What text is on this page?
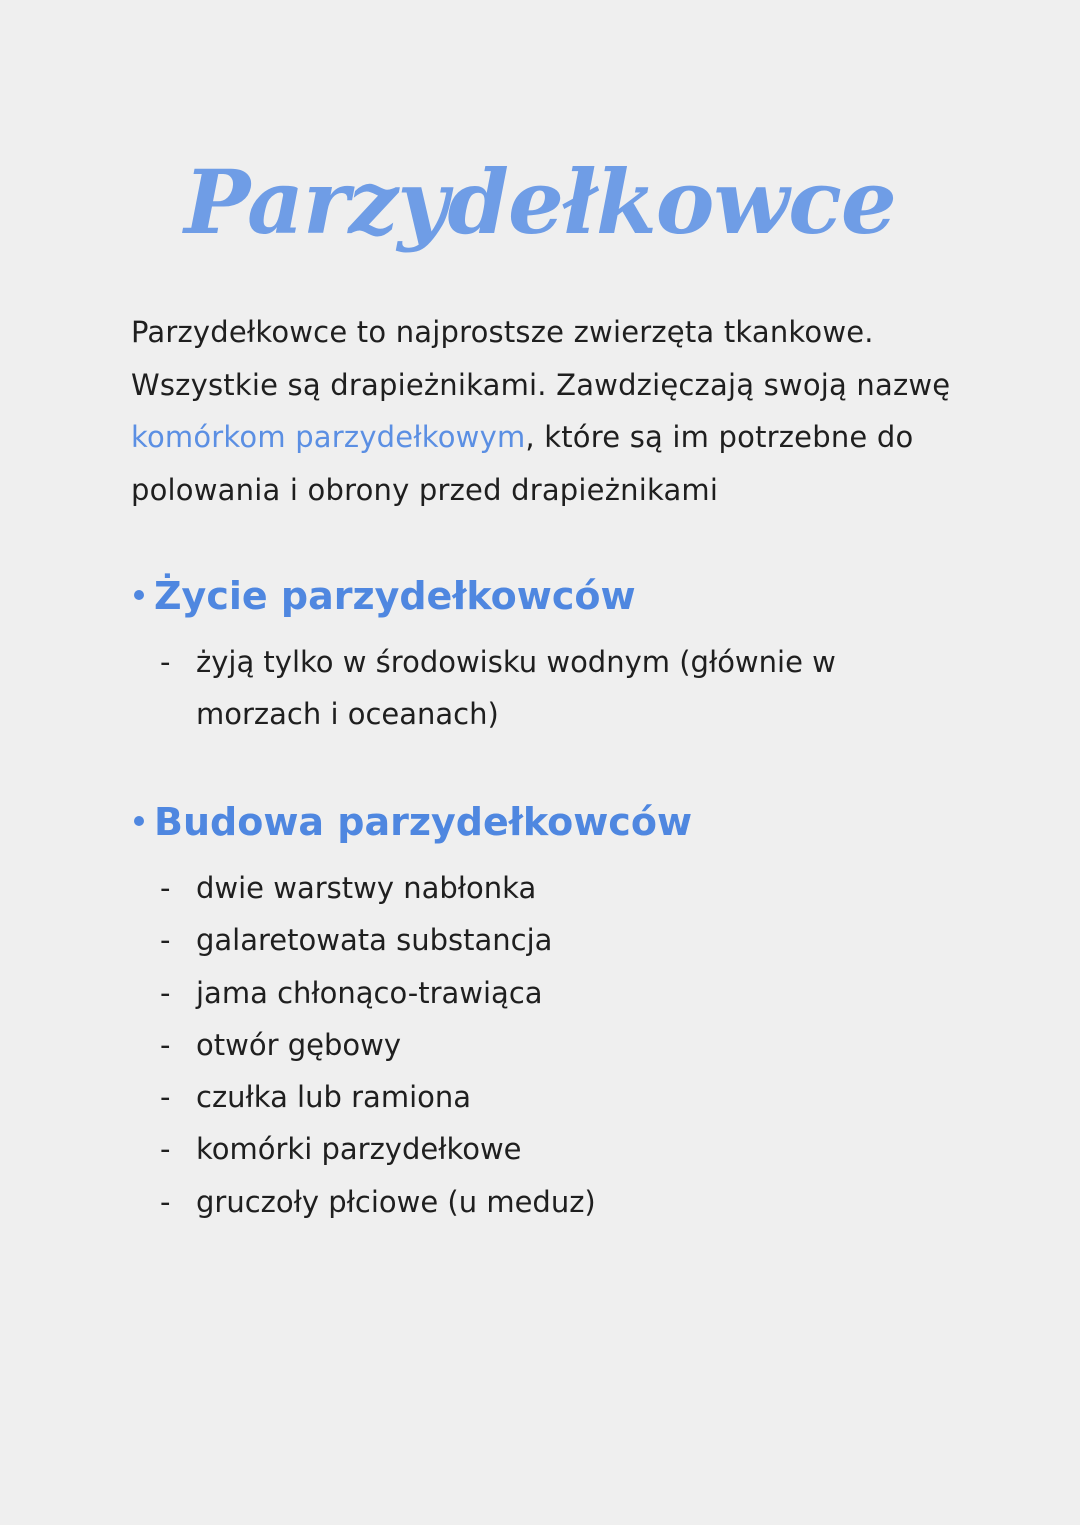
Parzydełkowce

Parzydełkowce to najprostsze zwierzęta tkankowe. Wszystkie są drapieżnikami. Zawdzięczają swoją nazwę komórkom parzydełkowym, które są im potrzebne do polowania i obrony przed drapieżnikami

Życie parzydełkowców
- żyją tylko w środowisku wodnym (głównie w morzach i oceanach)
Budowa parzydełkowców
- dwie warstwy nabłonka
- galaretowata substancja
- jama chłonąco-trawiąca
- otwór gębowy
- czułka lub ramiona
- komórki parzydełkowe
- gruczoły płciowe (u meduz)
